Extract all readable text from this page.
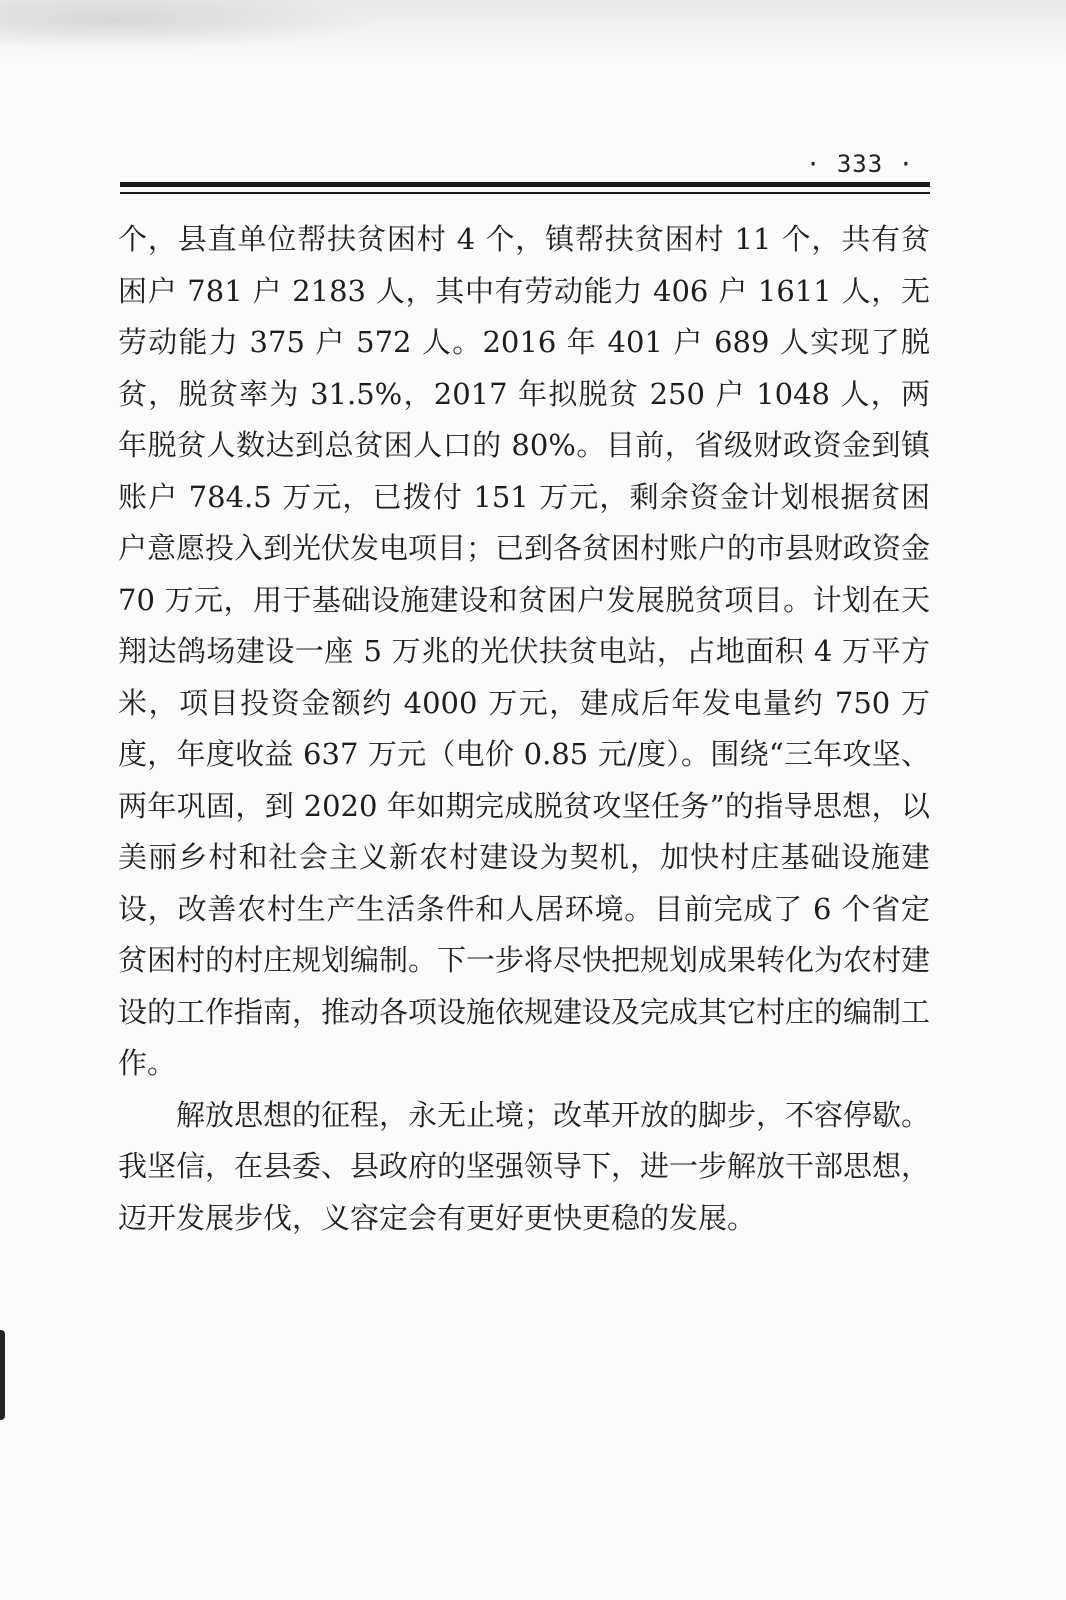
· 333 ·

个，县直单位帮扶贫困村 4 个，镇帮扶贫困村 11 个，共有贫困户 781 户 2183 人，其中有劳动能力 406 户 1611 人，无劳动能力 375 户 572 人。2016 年 401 户 689 人实现了脱贫，脱贫率为 31.5%，2017 年拟脱贫 250 户 1048 人，两年脱贫人数达到总贫困人口的 80%。目前，省级财政资金到镇账户 784.5 万元，已拨付 151 万元，剩余资金计划根据贫困户意愿投入到光伏发电项目；已到各贫困村账户的市县财政资金 70 万元，用于基础设施建设和贫困户发展脱贫项目。计划在天翔达鸽场建设一座 5 万兆的光伏扶贫电站，占地面积 4 万平方米，项目投资金额约 4000 万元，建成后年发电量约 750 万度，年度收益 637 万元（电价 0.85 元/度）。围绕“三年攻坚、两年巩固，到 2020 年如期完成脱贫攻坚任务”的指导思想，以美丽乡村和社会主义新农村建设为契机，加快村庄基础设施建设，改善农村生产生活条件和人居环境。目前完成了 6 个省定贫困村的村庄规划编制。下一步将尽快把规划成果转化为农村建设的工作指南，推动各项设施依规建设及完成其它村庄的编制工作。

解放思想的征程，永无止境；改革开放的脚步，不容停歇。我坚信，在县委、县政府的坚强领导下，进一步解放干部思想，迈开发展步伐，义容定会有更好更快更稳的发展。
